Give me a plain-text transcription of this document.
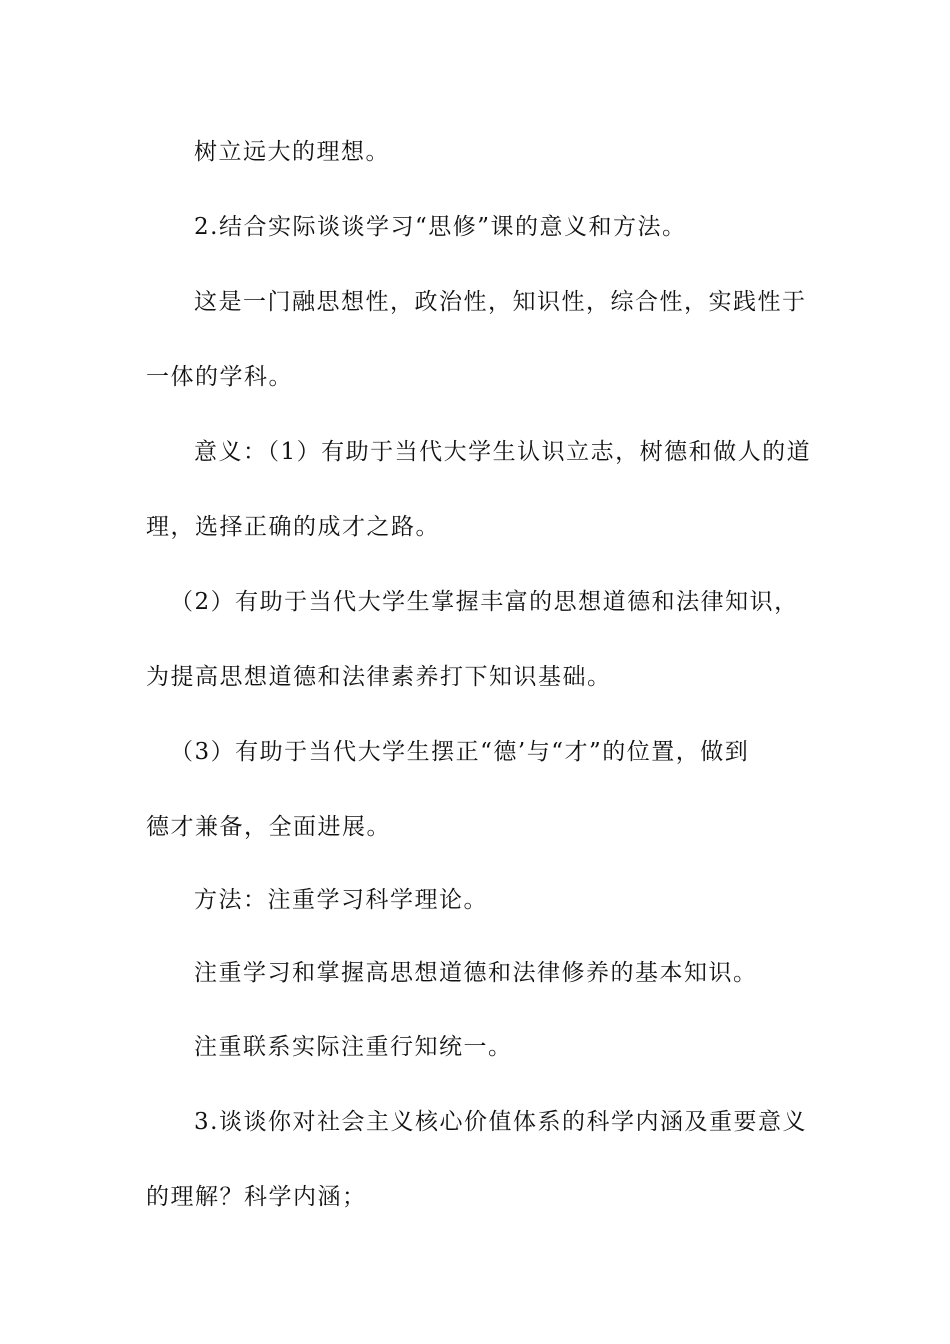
树立远大的理想。
2.结合实际谈谈学习“思修”课的意义和方法。
这是一门融思想性，政治性，知识性，综合性，实践性于
一体的学科。
意义：（1）有助于当代大学生认识立志，树德和做人的道
理，选择正确的成才之路。
（2）有助于当代大学生掌握丰富的思想道德和法律知识，
为提高思想道德和法律素养打下知识基础。
（3）有助于当代大学生摆正“德’与“才”的位置，做到
德才兼备，全面进展。
方法：注重学习科学理论。
注重学习和掌握高思想道德和法律修养的基本知识。
注重联系实际注重行知统一。
3.谈谈你对社会主义核心价值体系的科学内涵及重要意义
的理解？科学内涵；
